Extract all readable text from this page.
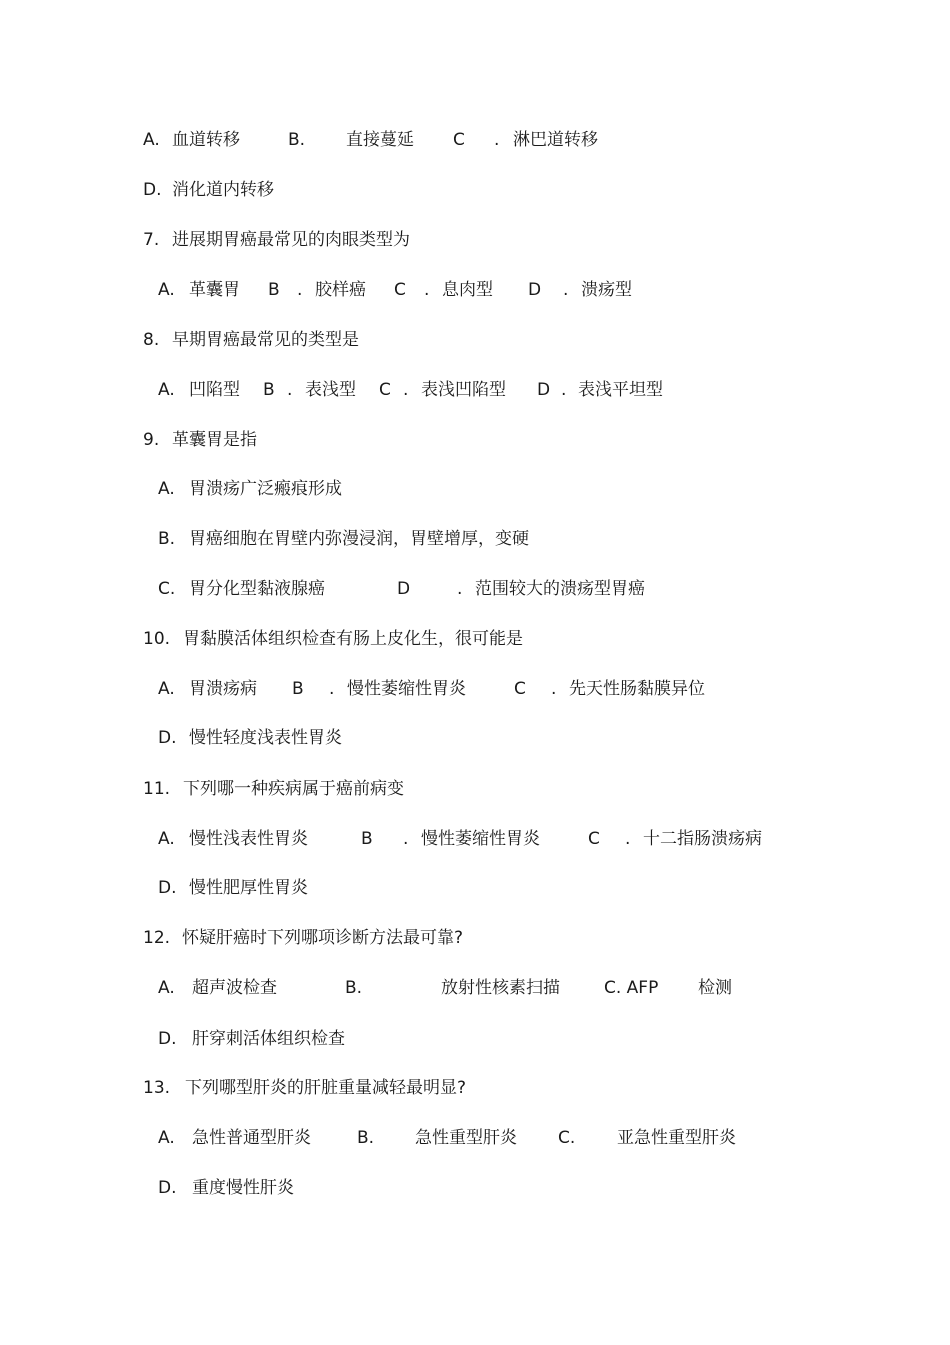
A. 血道转移	B. 直接蔓延 C . 淋巴道转移
D. 消化道内转移
7. 进展期胃癌最常见的肉眼类型为
A. 革囊胃 B . 胶样癌 C . 息肉型 D . 溃疡型
8. 早期胃癌最常见的类型是
A. 凹陷型 B . 表浅型 C . 表浅凹陷型 D . 表浅平坦型
9. 革囊胃是指
A. 胃溃疡广泛瘢痕形成
B. 胃癌细胞在胃壁内弥漫浸润，胃壁增厚，变硬
C. 胃分化型黏液腺癌	D	. 范围较大的溃疡型胃癌
10. 胃黏膜活体组织检查有肠上皮化生，很可能是
A. 胃溃疡病 B . 慢性萎缩性胃炎	C . 先天性肠黏膜异位
D. 慢性轻度浅表性胃炎
11. 下列哪一种疾病属于癌前病变
A. 慢性浅表性胃炎	B . 慢性萎缩性胃炎	C . 十二指肠溃疡病
D. 慢性肥厚性胃炎
12. 怀疑肝癌时下列哪项诊断方法最可靠?
A. 超声波检查	B.	放射性核素扫描	C. AFP 检测
D. 肝穿刺活体组织检查
13. 下列哪型肝炎的肝脏重量减轻最明显?
A. 急性普通型肝炎	B. 急性重型肝炎 C. 亚急性重型肝炎
D. 重度慢性肝炎
